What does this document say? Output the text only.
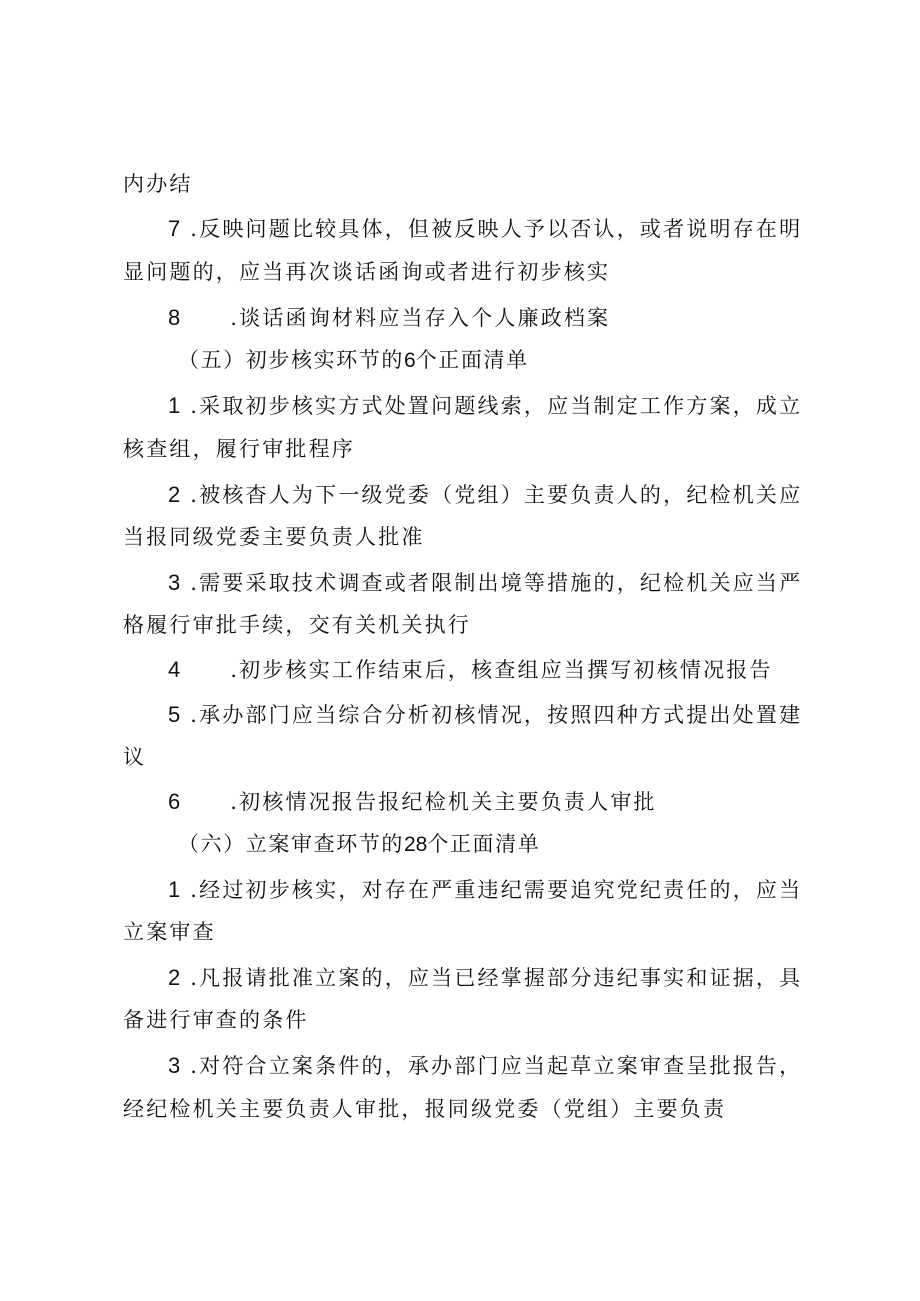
内办结
7 .反映问题比较具体，但被反映人予以否认，或者说明存在明
显问题的，应当再次谈话函询或者进行初步核实
8 .谈话函询材料应当存入个人廉政档案
（五）初步核实环节的6个正面清单
1 .采取初步核实方式处置问题线索，应当制定工作方案，成立
核查组，履行审批程序
2 .被核杳人为下一级党委（党组）主要负责人的，纪检机关应
当报同级党委主要负责人批准
3 .需要采取技术调查或者限制出境等措施的，纪检机关应当严
格履行审批手续，交有关机关执行
4 .初步核实工作结束后，核查组应当撰写初核情况报告
5 .承办部门应当综合分析初核情况，按照四种方式提出处置建
议
6 .初核情况报告报纪检机关主要负责人审批
（六）立案审查环节的28个正面清单
1 .经过初步核实，对存在严重违纪需要追究党纪责任的，应当
立案审查
2 .凡报请批准立案的，应当已经掌握部分违纪事实和证据，具
备进行审查的条件
3 .对符合立案条件的，承办部门应当起草立案审查呈批报告，
经纪检机关主要负责人审批，报同级党委（党组）主要负责
